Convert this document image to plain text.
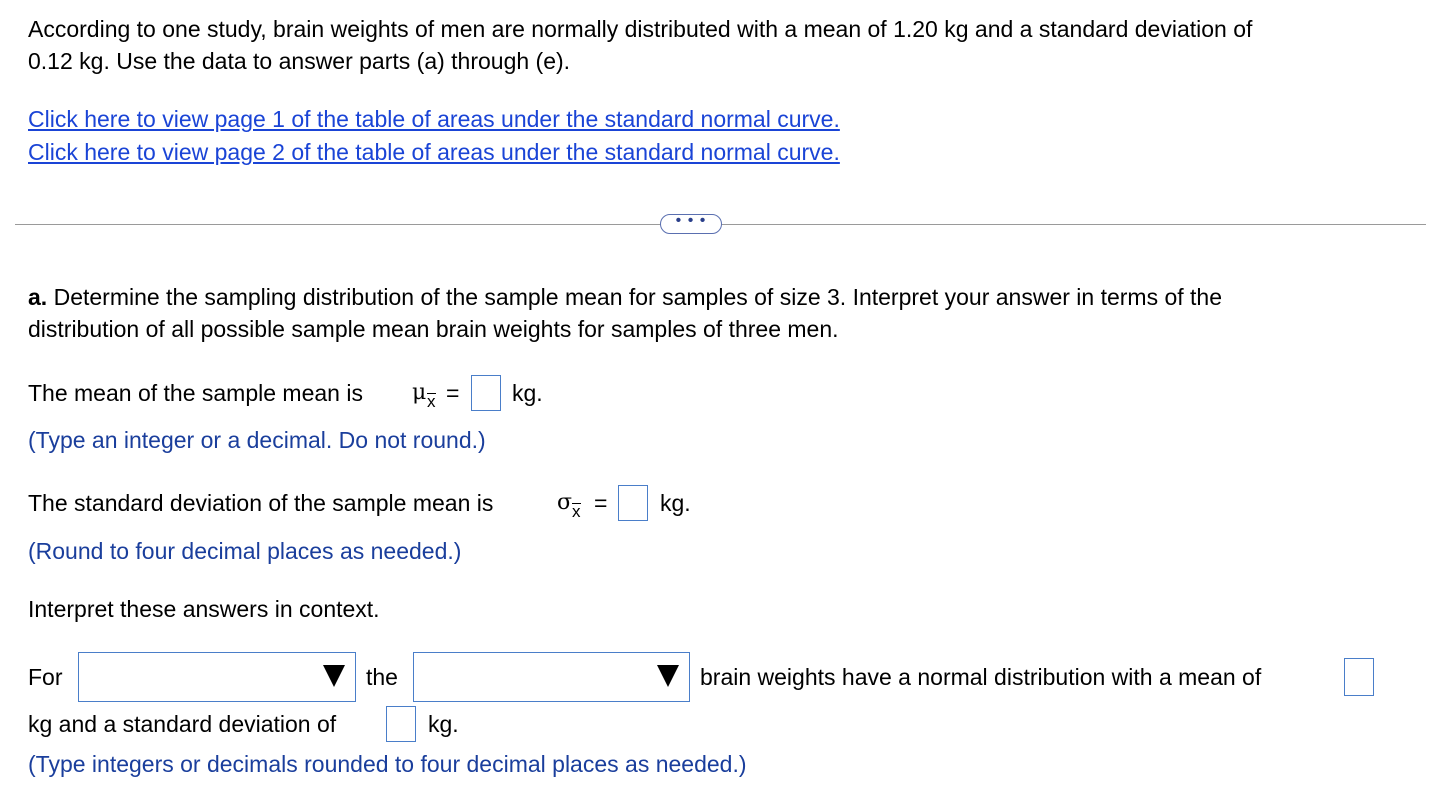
According to one study, brain weights of men are normally distributed with a mean of 1.20 kg and a standard deviation of
0.12 kg. Use the data to answer parts (a) through (e).
Click here to view page 1 of the table of areas under the standard normal curve.
Click here to view page 2 of the table of areas under the standard normal curve.
• • •
a. Determine the sampling distribution of the sample mean for samples of size 3. Interpret your answer in terms of the
distribution of all possible sample mean brain weights for samples of three men.
The mean of the sample mean is μ x = kg.
(Type an integer or a decimal. Do not round.)
The standard deviation of the sample mean is	σ x = kg.
(Round to four decimal places as needed.)
Interpret these answers in context.
For	the	brain weights have a normal distribution with a mean of
kg and a standard deviation of	kg.
(Type integers or decimals rounded to four decimal places as needed.)
